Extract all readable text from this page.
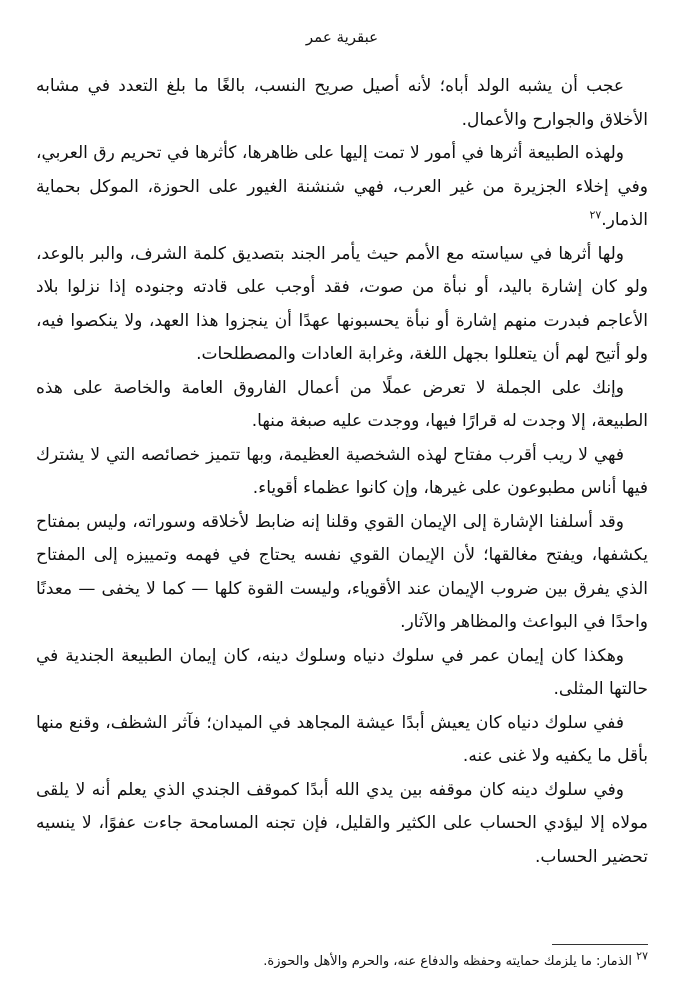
عبقرية عمر

عجب أن يشبه الولد أباه؛ لأنه أصيل صريح النسب، بالغًا ما بلغ التعدد في مشابه الأخلاق والجوارح والأعمال.

ولهذه الطبيعة أثرها في أمور لا تمت إليها على ظاهرها، كأثرها في تحريم رق العربي، وفي إخلاء الجزيرة من غير العرب، فهي شنشنة الغيور على الحوزة، الموكل بحماية الذمار.$^{٢٧}$

ولها أثرها في سياسته مع الأمم حيث يأمر الجند بتصديق كلمة الشرف، والبر بالوعد، ولو كان إشارة باليد، أو نبأة من صوت، فقد أوجب على قادته وجنوده إذا نزلوا بلاد الأعاجم فبدرت منهم إشارة أو نبأة يحسبونها عهدًا أن ينجزوا هذا العهد، ولا ينكصوا فيه، ولو أتيح لهم أن يتعللوا بجهل اللغة، وغرابة العادات والمصطلحات.

وإنك على الجملة لا تعرض عملًا من أعمال الفاروق العامة والخاصة على هذه الطبيعة، إلا وجدت له قرارًا فيها، ووجدت عليه صبغة منها.

فهي لا ريب أقرب مفتاح لهذه الشخصية العظيمة، وبها تتميز خصائصه التي لا يشترك فيها أناس مطبوعون على غيرها، وإن كانوا عظماء أقوياء.

وقد أسلفنا الإشارة إلى الإيمان القوي وقلنا إنه ضابط لأخلاقه وسوراته، وليس بمفتاح يكشفها، ويفتح مغالقها؛ لأن الإيمان القوي نفسه يحتاج في فهمه وتمييزه إلى المفتاح الذي يفرق بين ضروب الإيمان عند الأقوياء، وليست القوة كلها — كما لا يخفى — معدنًا واحدًا في البواعث والمظاهر والآثار.

وهكذا كان إيمان عمر في سلوك دنياه وسلوك دينه، كان إيمان الطبيعة الجندية في حالتها المثلى.

ففي سلوك دنياه كان يعيش أبدًا عيشة المجاهد في الميدان؛ فآثر الشظف، وقنع منها بأقل ما يكفيه ولا غنى عنه.

وفي سلوك دينه كان موقفه بين يدي الله أبدًا كموقف الجندي الذي يعلم أنه لا يلقى مولاه إلا ليؤدي الحساب على الكثير والقليل، فإن تجنه المسامحة جاءت عفوًا، لا ينسيه تحضير الحساب.

$^{٢٧}$ الذمار: ما يلزمك حمايته وحفظه والدفاع عنه، والحرم والأهل والحوزة.
